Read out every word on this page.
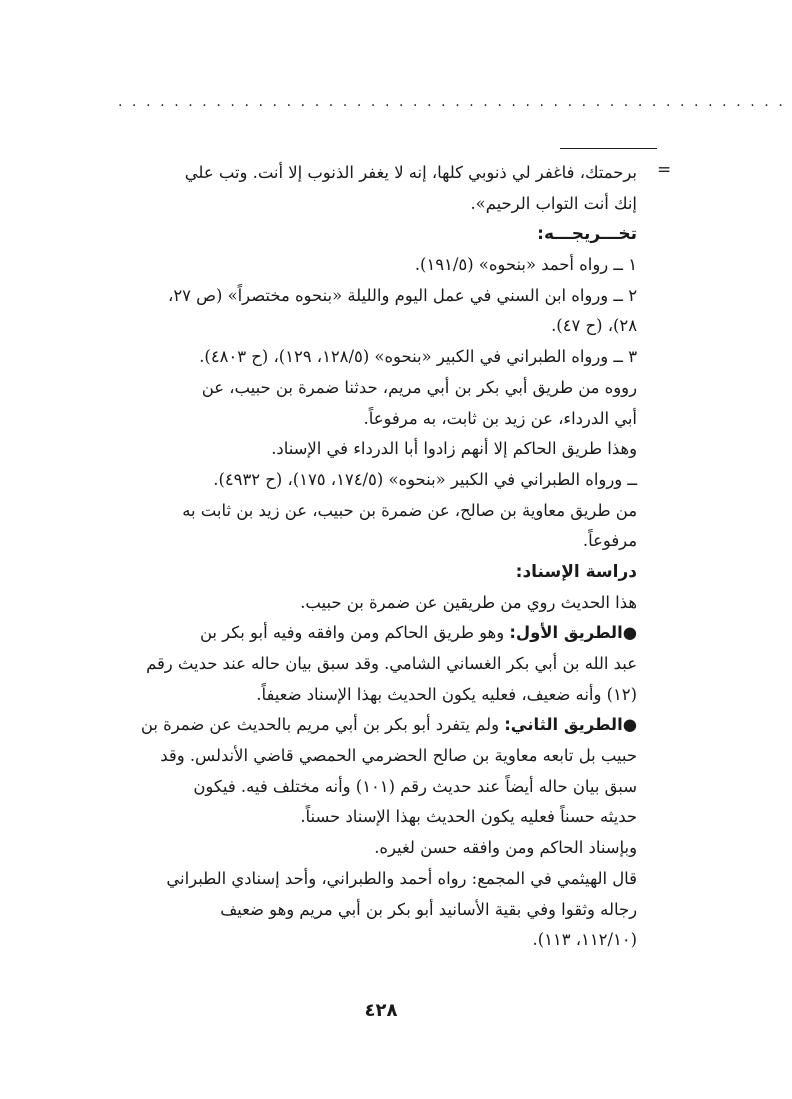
................................................
=
برحمتك، فاغفر لي ذنوبي كلها، إنه لا يغفر الذنوب إلا أنت. وتب علي
إنك أنت التواب الرحيم».
تخـــريجـــه:
١ ــ رواه أحمد «بنحوه» (١٩١/٥).
٢ ــ ورواه ابن السني في عمل اليوم والليلة «بنحوه مختصراً» (ص ٢٧،
٢٨)، (ح ٤٧).
٣ ــ ورواه الطبراني في الكبير «بنحوه» (١٢٨/٥، ١٢٩)، (ح ٤٨٠٣).
رووه من طريق أبي بكر بن أبي مريم، حدثنا ضمرة بن حبيب، عن
أبي الدرداء، عن زيد بن ثابت، به مرفوعاً.
وهذا طريق الحاكم إلا أنهم زادوا أبا الدرداء في الإسناد.
ــ ورواه الطبراني في الكبير «بنحوه» (١٧٤/٥، ١٧٥)، (ح ٤٩٣٢).
من طريق معاوية بن صالح، عن ضمرة بن حبيب، عن زيد بن ثابت به
مرفوعاً.
دراسة الإسناد:
هذا الحديث روي من طريقين عن ضمرة بن حبيب.
●الطريق الأول: وهو طريق الحاكم ومن وافقه وفيه أبو بكر بن
عبد الله بن أبي بكر الغساني الشامي. وقد سبق بيان حاله عند حديث رقم
(١٢) وأنه ضعيف، فعليه يكون الحديث بهذا الإسناد ضعيفاً.
●الطريق الثاني: ولم يتفرد أبو بكر بن أبي مريم بالحديث عن ضمرة بن
حبيب بل تابعه معاوية بن صالح الحضرمي الحمصي قاضي الأندلس. وقد
سبق بيان حاله أيضاً عند حديث رقم (١٠١) وأنه مختلف فيه. فيكون
حديثه حسناً فعليه يكون الحديث بهذا الإسناد حسناً.
وبإسناد الحاكم ومن وافقه حسن لغيره.
قال الهيثمي في المجمع: رواه أحمد والطبراني، وأحد إسنادي الطبراني
رجاله وثقوا وفي بقية الأسانيد أبو بكر بن أبي مريم وهو ضعيف
(١١٢/١٠، ١١٣).
٤٢٨
